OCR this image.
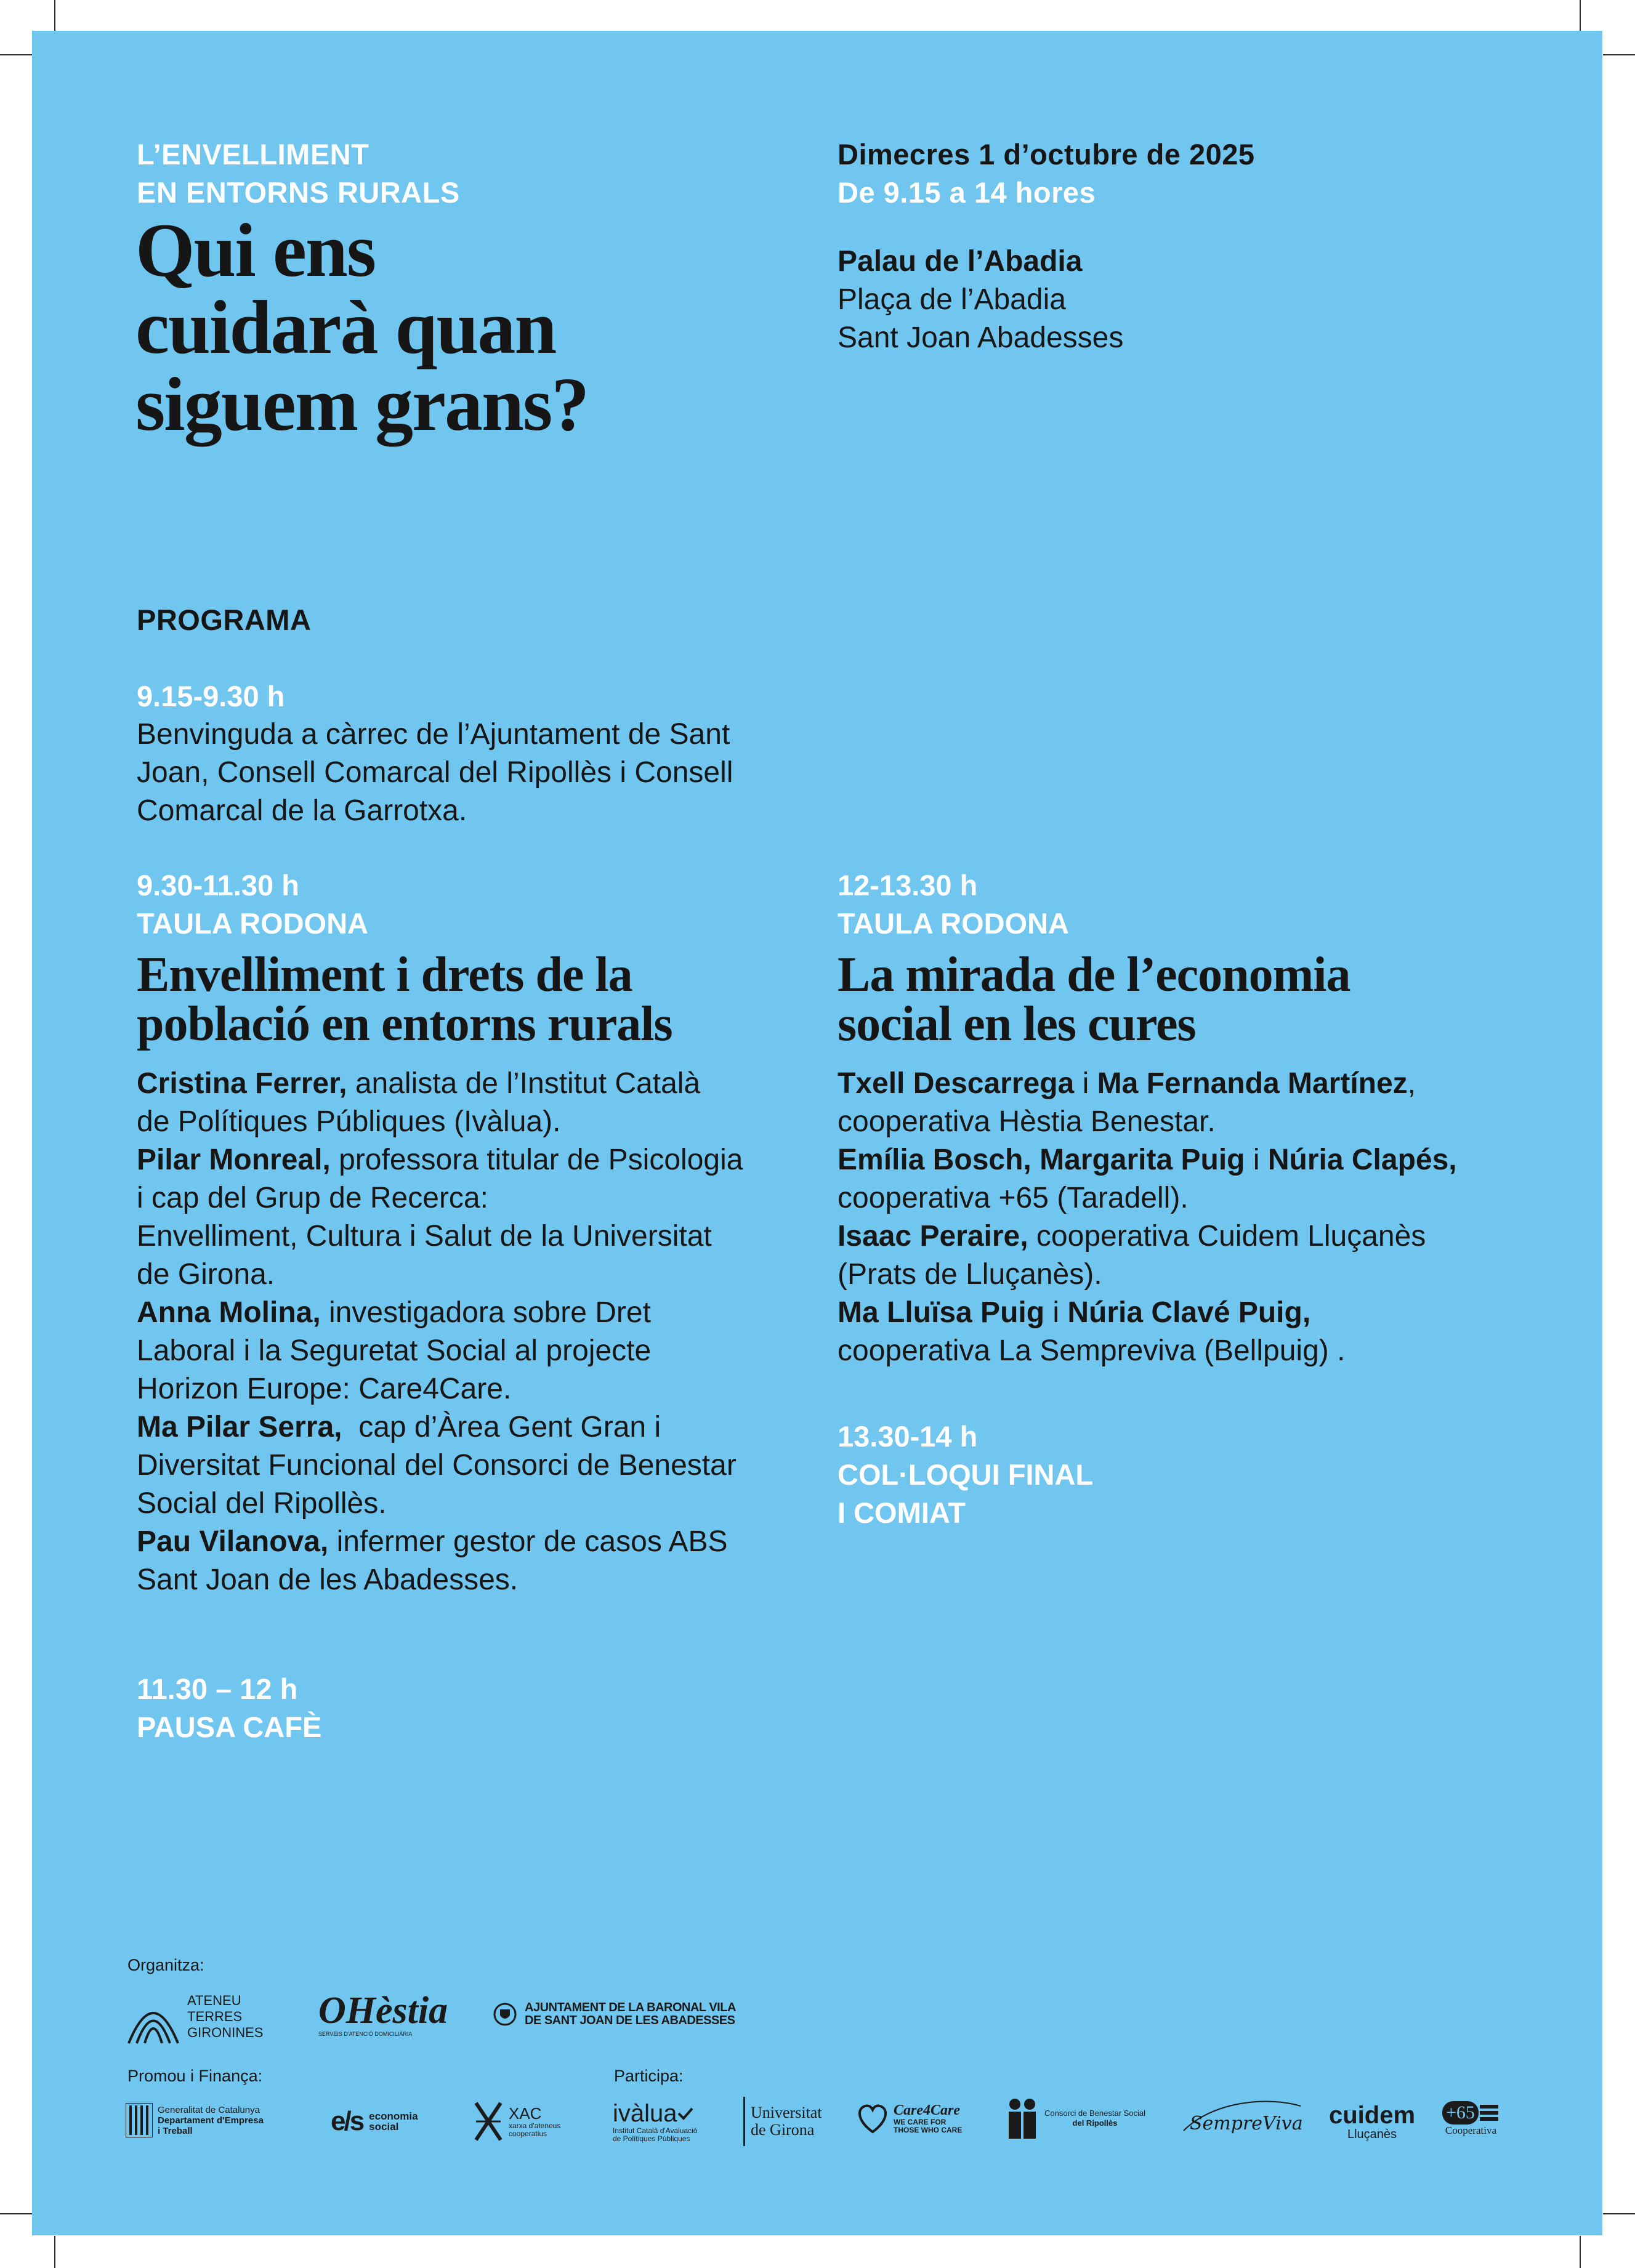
L’ENVELLIMENT
EN ENTORNS RURALS
Qui ens
cuidarà quan
siguem grans?
Dimecres 1 d’octubre de 2025
De 9.15 a 14 hores
Palau de l’Abadia
Plaça de l’Abadia
Sant Joan Abadesses
PROGRAMA
9.15-9.30 h
Benvinguda a càrrec de l’Ajuntament de Sant
Joan, Consell Comarcal del Ripollès i Consell
Comarcal de la Garrotxa.
9.30-11.30 h
TAULA RODONA
Envelliment i drets de la
població en entorns rurals
Cristina Ferrer, analista de l’Institut Català
de Polítiques Públiques (Ivàlua).
Pilar Monreal, professora titular de Psicologia
i cap del Grup de Recerca:
Envelliment, Cultura i Salut de la Universitat
de Girona.
Anna Molina, investigadora sobre Dret
Laboral i la Seguretat Social al projecte
Horizon Europe: Care4Care.
Ma Pilar Serra,  cap d’Àrea Gent Gran i
Diversitat Funcional del Consorci de Benestar
Social del Ripollès.
Pau Vilanova, infermer gestor de casos ABS
Sant Joan de les Abadesses.
11.30 – 12 h
PAUSA CAFÈ
12-13.30 h
TAULA RODONA
La mirada de l’economia
social en les cures
Txell Descarrega i Ma Fernanda Martínez,
cooperativa Hèstia Benestar.
Emília Bosch, Margarita Puig i Núria Clapés,
cooperativa +65 (Taradell).
Isaac Peraire, cooperativa Cuidem Lluçanès
(Prats de Lluçanès).
Ma Lluïsa Puig i Núria Clavé Puig,
cooperativa La Sempreviva (Bellpuig) .
13.30-14 h
COL·LOQUI FINAL
I COMIAT
Organitza:
Promou i Finança:	Participa:
ATENEU
TERRES
GIRONINES
OHèstia
SERVEIS D'ATENCIÓ DOMICILIÀRIA
AJUNTAMENT DE LA BARONAL VILA
DE SANT JOAN DE LES ABADESSES
Generalitat de Catalunya
Departament d'Empresa
i Treball	e/s economia
social
XAC
xarxa d'ateneus
cooperatius
ivàlua
Institut Català d'Avaluació
de Polítiques Públiques
Universitat
de Girona
Care4Care
WE CARE FOR
THOSE WHO CARE
Consorci de Benestar Social
del Ripollès	SempreViva cuidem
Lluçanès
+65
Cooperativa
